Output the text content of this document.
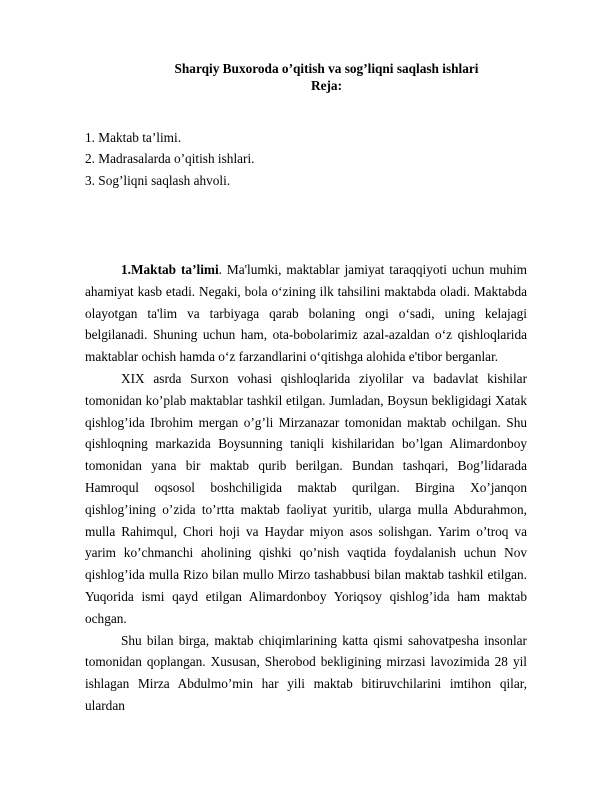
Sharqiy Buxoroda o’qitish va sog’liqni saqlash ishlari

Reja:

1. Maktab ta’limi.
2. Madrasalarda o’qitish ishlari.
3. Sog’liqni saqlash ahvoli.

1.Maktab ta’limi. Ma'lumki, maktablar jamiyat taraqqiyoti uchun muhim ahamiyat kasb etadi. Negaki, bola o‘zining ilk tahsilini maktabda oladi. Maktabda olayotgan ta'lim va tarbiyaga qarab bolaning ongi o‘sadi, uning kelajagi belgilanadi. Shuning uchun ham, ota-bobolarimiz azal-azaldan o‘z qishloqlarida maktablar ochish hamda o‘z farzandlarini o‘qitishga alohida e'tibor berganlar.

XIX asrda Surxon vohasi qishloqlarida ziyolilar va badavlat kishilar tomonidan ko’plab maktablar tashkil etilgan. Jumladan, Boysun bekligidagi Xatak qishlog’ida Ibrohim mergan o’g’li Mirzanazar tomonidan maktab ochilgan. Shu qishloqning markazida Boysunning taniqli kishilaridan bo’lgan Alimardonboy tomonidan yana bir maktab qurib berilgan. Bundan tashqari, Bog’lidarada Hamroqul oqsosol boshchiligida maktab qurilgan. Birgina Xo’janqon qishlog’ining o’zida to’rtta maktab faoliyat yuritib, ularga mulla Abdurahmon, mulla Rahimqul, Chori hoji va Haydar miyon asos solishgan. Yarim o’troq va yarim ko’chmanchi aholining qishki qo’nish vaqtida foydalanish uchun Nov qishlog’ida mulla Rizo bilan mullo Mirzo tashabbusi bilan maktab tashkil etilgan. Yuqorida ismi qayd etilgan Alimardonboy Yoriqsoy qishlog’ida ham maktab ochgan.

Shu bilan birga, maktab chiqimlarining katta qismi sahovatpesha insonlar tomonidan qoplangan. Xususan, Sherobod bekligining mirzasi lavozimida 28 yil ishlagan Mirza Abdulmo’min har yili maktab bitiruvchilarini imtihon qilar, ulardan
